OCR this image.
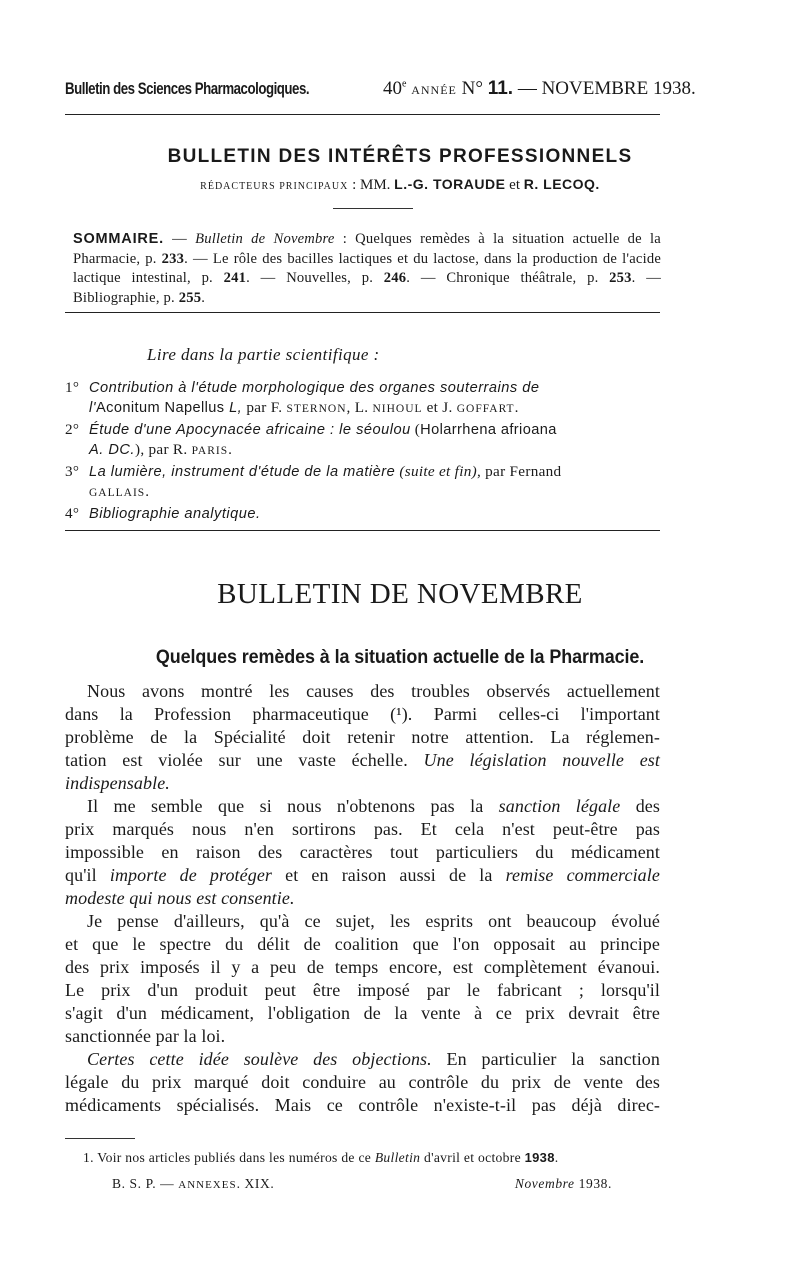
Bulletin des Sciences Pharmacologiques.	40e ANNÉE N° 11. — NOVEMBRE 1938.
BULLETIN DES INTÉRÊTS PROFESSIONNELS
RÉDACTEURS PRINCIPAUX : MM. L.-G. TORAUDE et R. LECOQ.
SOMMAIRE. — Bulletin de Novembre : Quelques remèdes à la situation actuelle de la Pharmacie, p. 233. — Le rôle des bacilles lactiques et du lactose, dans la production de l'acide lactique intestinal, p. 241. — Nouvelles, p. 246. — Chronique théâtrale, p. 253. — Bibliographie, p. 255.
Lire dans la partie scientifique :
1° Contribution à l'étude morphologique des organes souterrains de
l'Aconitum Napellus L, par F. STERNON, L. NIHOUL et J. GOFFART.
2° Étude d'une Apocynacée africaine : le séoulou (Holarrhena afrioana
A. DC.), par R. PARIS.
3° La lumière, instrument d'étude de la matière (suite et fin), par Fernand
GALLAIS.
4° Bibliographie analytique.
BULLETIN DE NOVEMBRE
Quelques remèdes à la situation actuelle de la Pharmacie.

Nous avons montré les causes des troubles observés actuellement
dans la Profession pharmaceutique (¹). Parmi celles-ci l'important
problème de la Spécialité doit retenir notre attention. La réglemen-
tation est violée sur une vaste échelle. Une législation nouvelle est
indispensable.

Il me semble que si nous n'obtenons pas la sanction légale des
prix marqués nous n'en sortirons pas. Et cela n'est peut-être pas
impossible en raison des caractères tout particuliers du médicament
qu'il importe de protéger et en raison aussi de la remise commerciale
modeste qui nous est consentie.

Je pense d'ailleurs, qu'à ce sujet, les esprits ont beaucoup évolué
et que le spectre du délit de coalition que l'on opposait au principe
des prix imposés il y a peu de temps encore, est complètement évanoui.
Le prix d'un produit peut être imposé par le fabricant ; lorsqu'il
s'agit d'un médicament, l'obligation de la vente à ce prix devrait être
sanctionnée par la loi.

Certes cette idée soulève des objections. En particulier la sanction
légale du prix marqué doit conduire au contrôle du prix de vente des
médicaments spécialisés. Mais ce contrôle n'existe-t-il pas déjà direc-

1. Voir nos articles publiés dans les numéros de ce Bulletin d'avril et octobre 1938.
B. S. P. — ANNEXES. XIX.	Novembre 1938.
